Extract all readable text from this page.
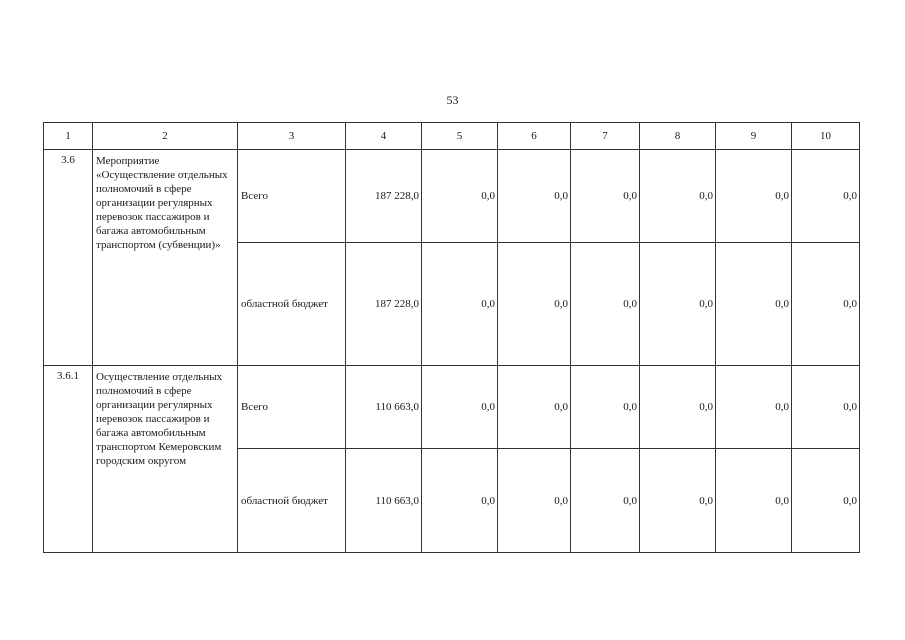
53
1	2	3	4	5	6	7	8	9	10
3.6	Мероприятие «Осуществление отдельных полномочий в сфере организации регулярных перевозок пассажиров и багажа автомобильным транспортом (субвенции)»	Всего	187 228,0	0,0	0,0	0,0	0,0	0,0	0,0
		областной бюджет	187 228,0	0,0	0,0	0,0	0,0	0,0	0,0
3.6.1	Осуществление отдельных полномочий в сфере организации регулярных перевозок пассажиров и багажа автомобильным транспортом Кемеровским городским округом	Всего	110 663,0	0,0	0,0	0,0	0,0	0,0	0,0
		областной бюджет	110 663,0	0,0	0,0	0,0	0,0	0,0	0,0
